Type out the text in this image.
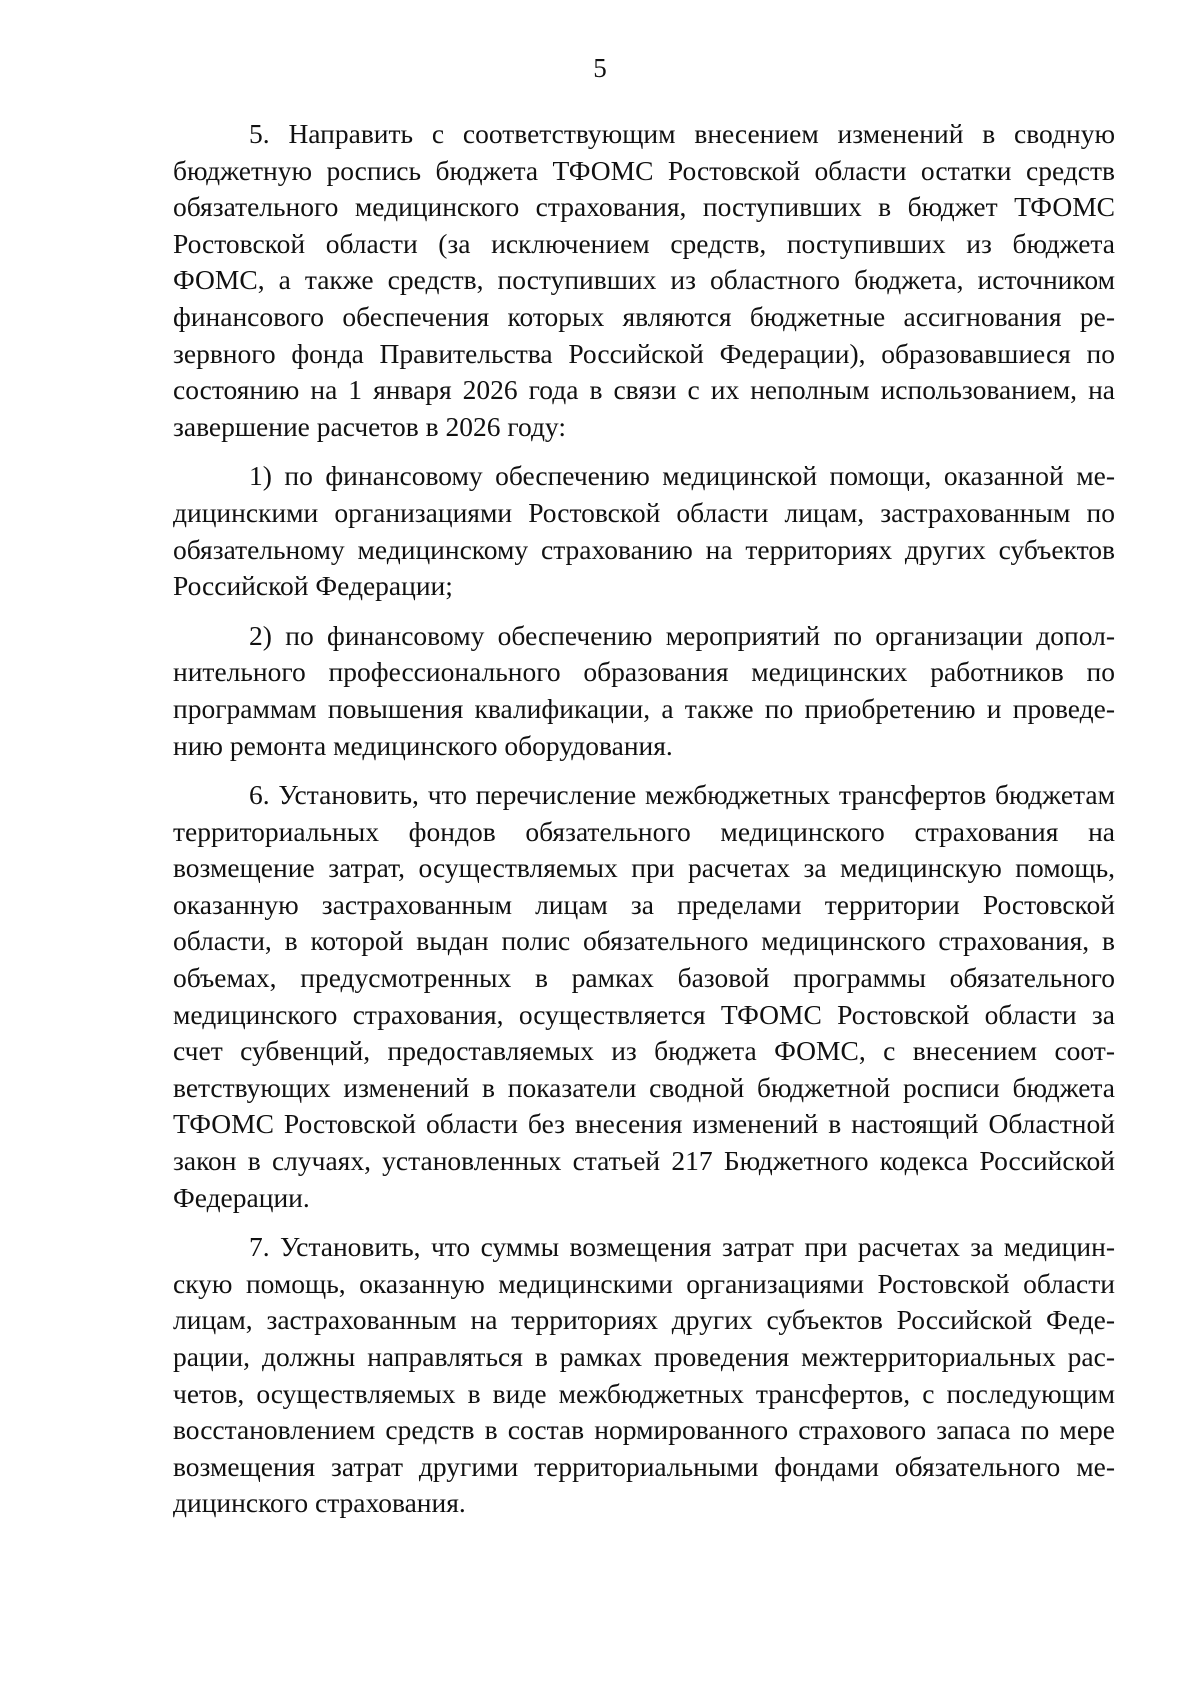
5

5. Направить с соответствующим внесением изменений в сводную бюджетную роспись бюджета ТФОМС Ростовской области остатки средств обязательного медицинского страхования, поступивших в бюджет ТФОМС Ростовской области (за исключением средств, поступивших из бюджета ФОМС, а также средств, поступивших из областного бюджета, источником финансового обеспечения которых являются бюджетные ассигнования резервного фонда Правительства Российской Федерации), образовавшиеся по состоянию на 1 января 2026 года в связи с их неполным использованием, на завершение расчетов в 2026 году:

1) по финансовому обеспечению медицинской помощи, оказанной медицинскими организациями Ростовской области лицам, застрахованным по обязательному медицинскому страхованию на территориях других субъектов Российской Федерации;

2) по финансовому обеспечению мероприятий по организации дополнительного профессионального образования медицинских работников по программам повышения квалификации, а также по приобретению и проведению ремонта медицинского оборудования.

6. Установить, что перечисление межбюджетных трансфертов бюджетам территориальных фондов обязательного медицинского страхования на возмещение затрат, осуществляемых при расчетах за медицинскую помощь, оказанную застрахованным лицам за пределами территории Ростовской области, в которой выдан полис обязательного медицинского страхования, в объемах, предусмотренных в рамках базовой программы обязательного медицинского страхования, осуществляется ТФОМС Ростовской области за счет субвенций, предоставляемых из бюджета ФОМС, с внесением соответствующих изменений в показатели сводной бюджетной росписи бюджета ТФОМС Ростовской области без внесения изменений в настоящий Областной закон в случаях, установленных статьей 217 Бюджетного кодекса Российской Федерации.

7. Установить, что суммы возмещения затрат при расчетах за медицинскую помощь, оказанную медицинскими организациями Ростовской области лицам, застрахованным на территориях других субъектов Российской Федерации, должны направляться в рамках проведения межтерриториальных расчетов, осуществляемых в виде межбюджетных трансфертов, с последующим восстановлением средств в состав нормированного страхового запаса по мере возмещения затрат другими территориальными фондами обязательного медицинского страхования.
